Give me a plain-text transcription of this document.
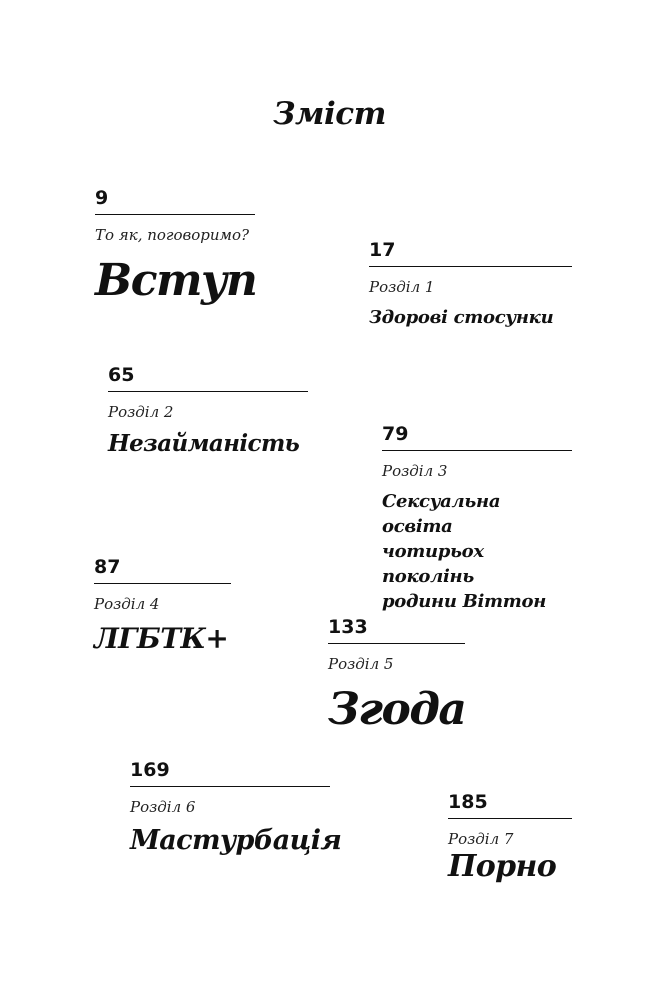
Зміст
9
То як, поговоримо?
Вступ
17
Розділ 1
Здорові стосунки
65
Розділ 2
Незайманість	79
Розділ 3
Сексуальна освіта
чотирьох поколінь
родини Віттон
87
Розділ 4
ЛГБТК+	133
Розділ 5
Згода
169
Розділ 6
Мастурбація
185
Розділ 7
Порно
